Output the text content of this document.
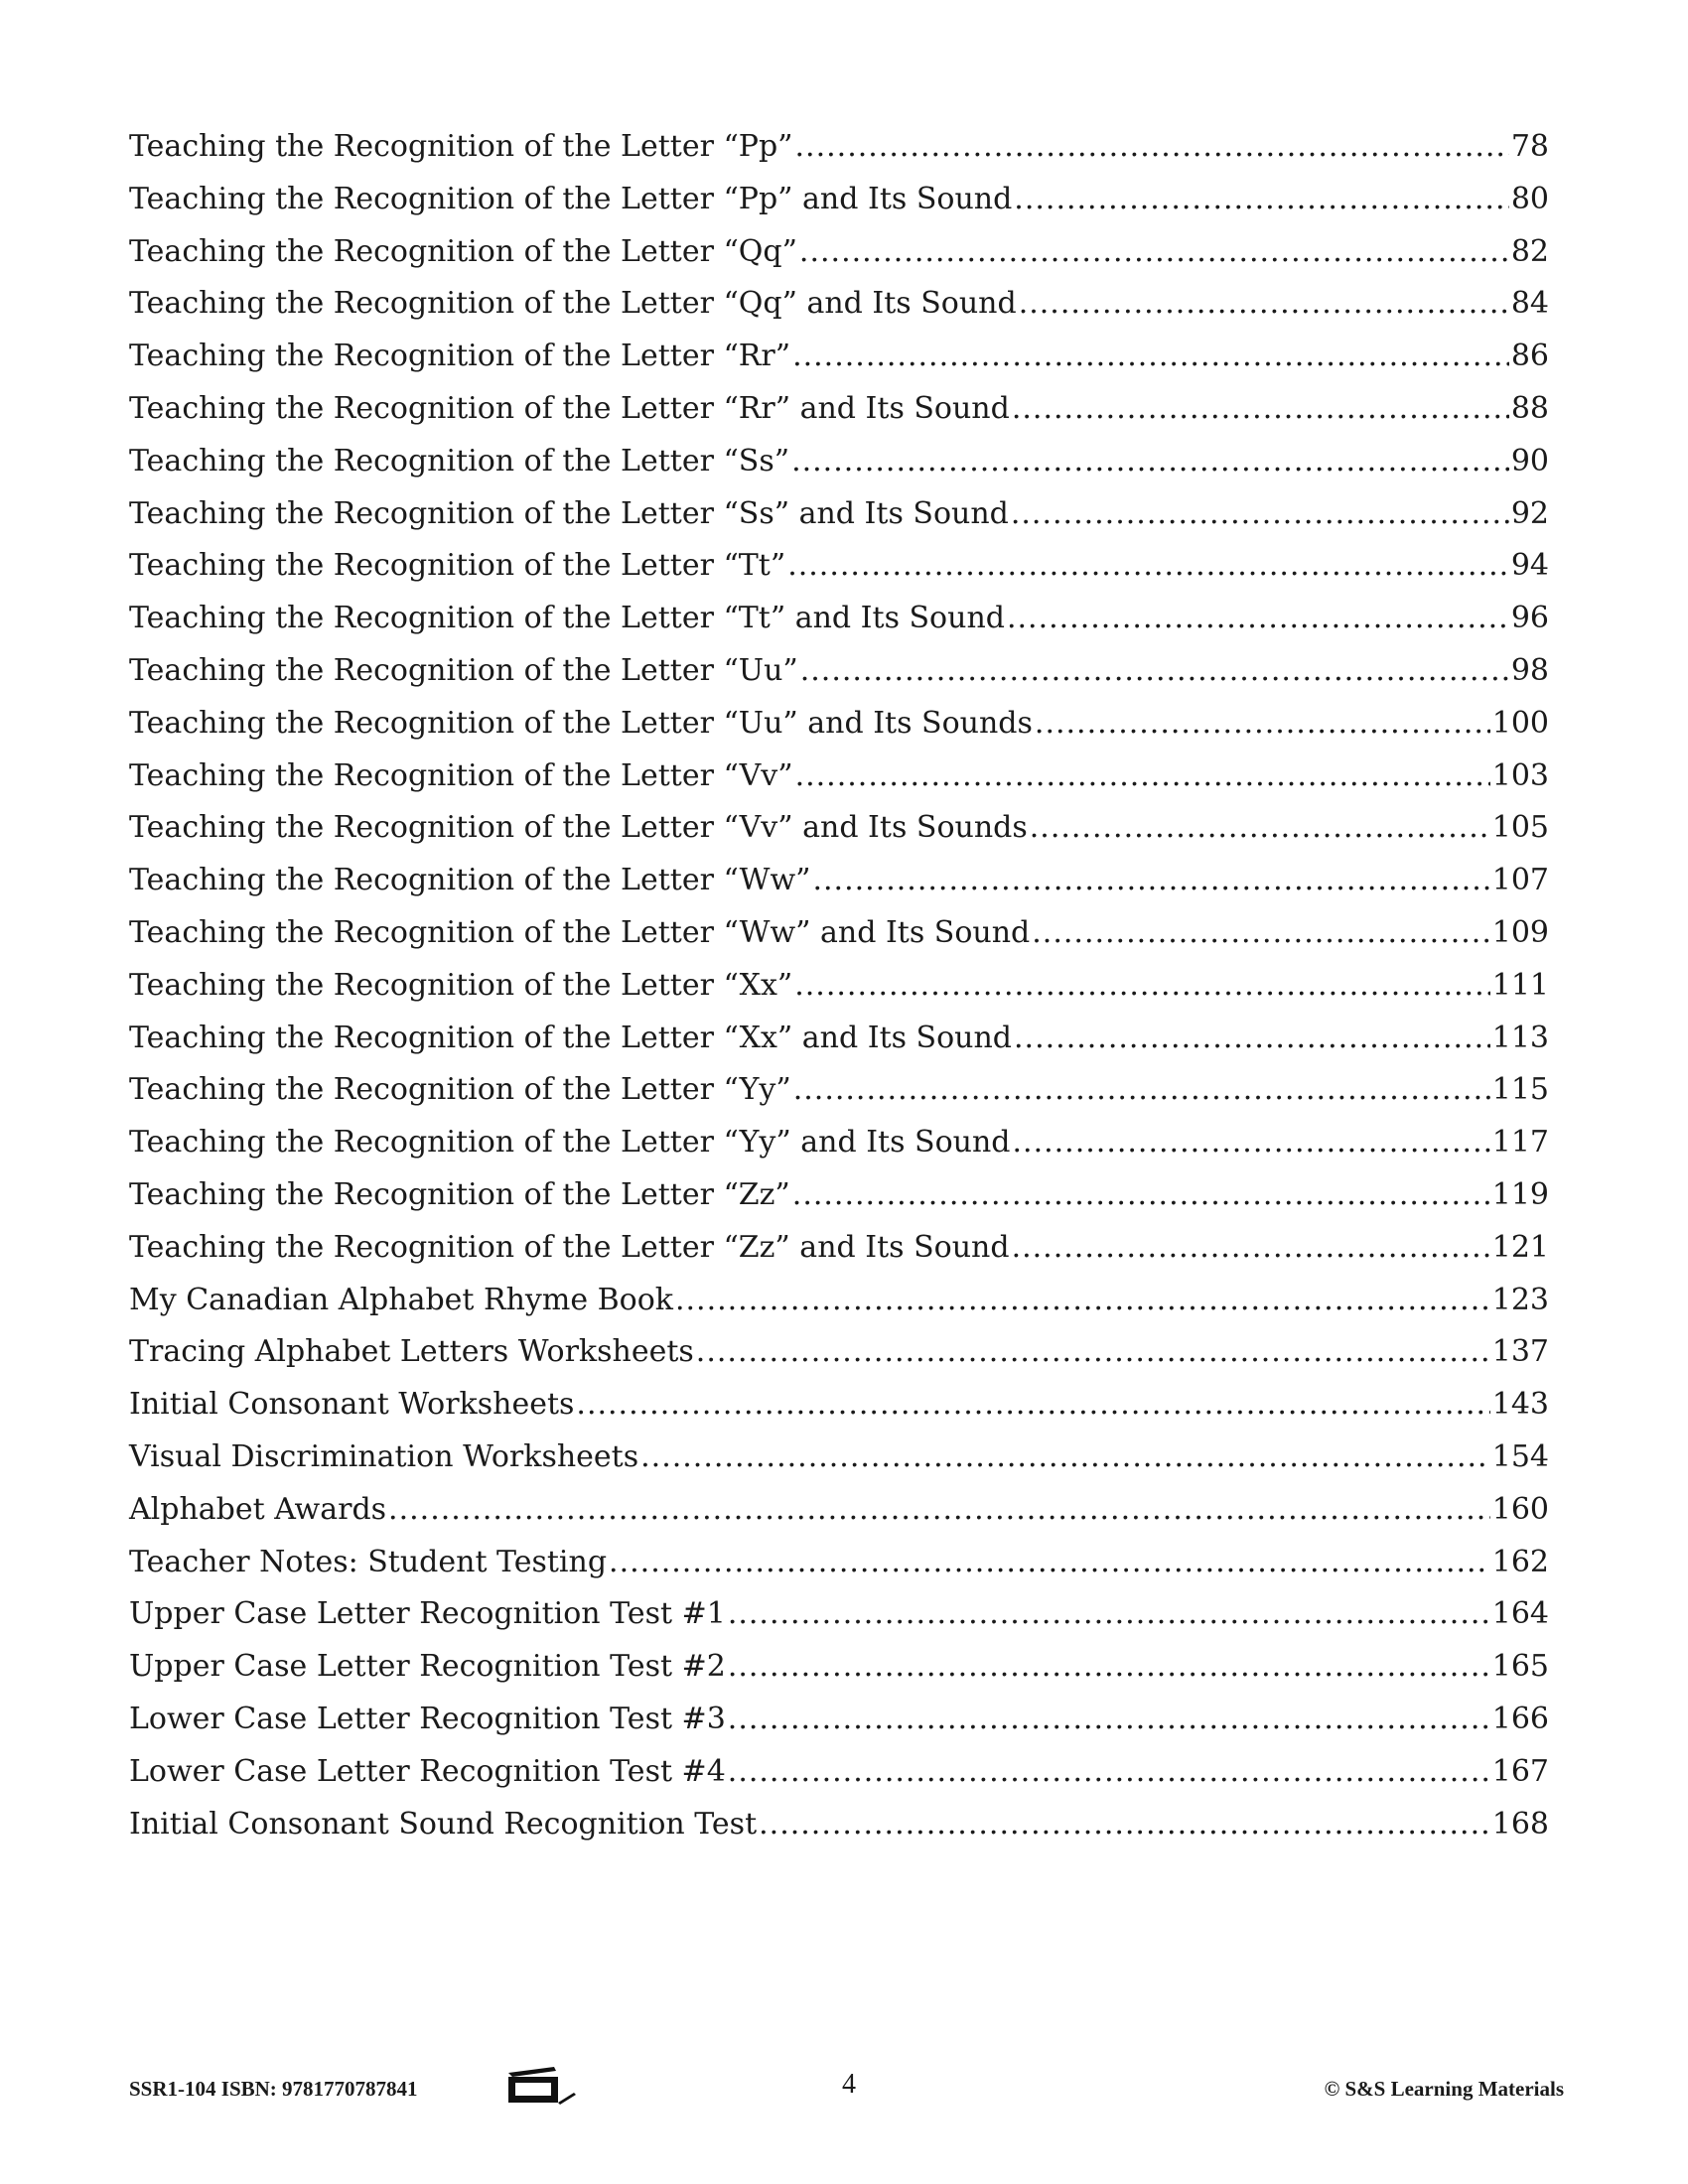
Teaching the Recognition of the Letter “Pp” .....	78
Teaching the Recognition of the Letter “Pp” and Its Sound .....	80
Teaching the Recognition of the Letter “Qq” .....	82
Teaching the Recognition of the Letter “Qq” and Its Sound .....	84
Teaching the Recognition of the Letter “Rr” .....	86
Teaching the Recognition of the Letter “Rr” and Its Sound .....	88
Teaching the Recognition of the Letter “Ss” .....	90
Teaching the Recognition of the Letter “Ss” and Its Sound .....	92
Teaching the Recognition of the Letter “Tt” .....	94
Teaching the Recognition of the Letter “Tt” and Its Sound .....	96
Teaching the Recognition of the Letter “Uu” .....	98
Teaching the Recognition of the Letter “Uu” and Its Sounds .....	100
Teaching the Recognition of the Letter “Vv” .....	103
Teaching the Recognition of the Letter “Vv” and Its Sounds .....	105
Teaching the Recognition of the Letter “Ww” .....	107
Teaching the Recognition of the Letter “Ww” and Its Sound .....	109
Teaching the Recognition of the Letter “Xx” .....	111
Teaching the Recognition of the Letter “Xx” and Its Sound .....	113
Teaching the Recognition of the Letter “Yy” .....	115
Teaching the Recognition of the Letter “Yy” and Its Sound .....	117
Teaching the Recognition of the Letter “Zz” .....	119
Teaching the Recognition of the Letter “Zz” and Its Sound .....	121
My Canadian Alphabet Rhyme Book .....	123
Tracing Alphabet Letters Worksheets .....	137
Initial Consonant Worksheets .....	143
Visual Discrimination Worksheets .....	154
Alphabet Awards .....	160
Teacher Notes: Student Testing .....	162
Upper Case Letter Recognition Test #1 .....	164
Upper Case Letter Recognition Test #2 .....	165
Lower Case Letter Recognition Test #3 .....	166
Lower Case Letter Recognition Test #4 .....	167
Initial Consonant Sound Recognition Test .....	168
SSR1-104 ISBN: 9781770787841	4	© S&S Learning Materials
